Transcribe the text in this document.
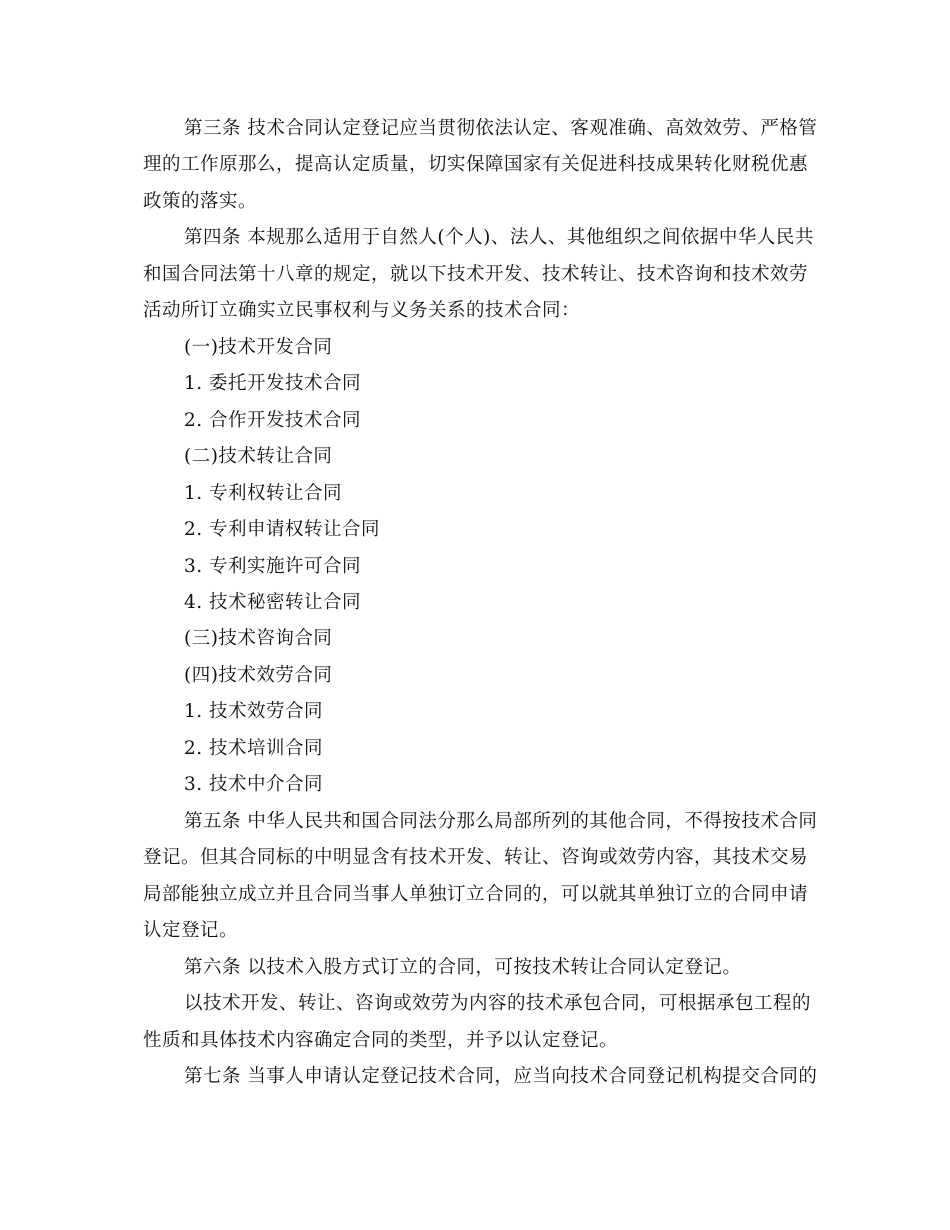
第三条 技术合同认定登记应当贯彻依法认定、客观准确、高效效劳、严格管
理的工作原那么，提高认定质量，切实保障国家有关促进科技成果转化财税优惠
政策的落实。
第四条 本规那么适用于自然人(个人)、法人、其他组织之间依据中华人民共
和国合同法第十八章的规定，就以下技术开发、技术转让、技术咨询和技术效劳
活动所订立确实立民事权利与义务关系的技术合同：
(一)技术开发合同
1. 委托开发技术合同
2. 合作开发技术合同
(二)技术转让合同
1. 专利权转让合同
2. 专利申请权转让合同
3. 专利实施许可合同
4. 技术秘密转让合同
(三)技术咨询合同
(四)技术效劳合同
1. 技术效劳合同
2. 技术培训合同
3. 技术中介合同
第五条 中华人民共和国合同法分那么局部所列的其他合同，不得按技术合同
登记。但其合同标的中明显含有技术开发、转让、咨询或效劳内容，其技术交易
局部能独立成立并且合同当事人单独订立合同的，可以就其单独订立的合同申请
认定登记。
第六条 以技术入股方式订立的合同，可按技术转让合同认定登记。
以技术开发、转让、咨询或效劳为内容的技术承包合同，可根据承包工程的
性质和具体技术内容确定合同的类型，并予以认定登记。
第七条 当事人申请认定登记技术合同，应当向技术合同登记机构提交合同的
